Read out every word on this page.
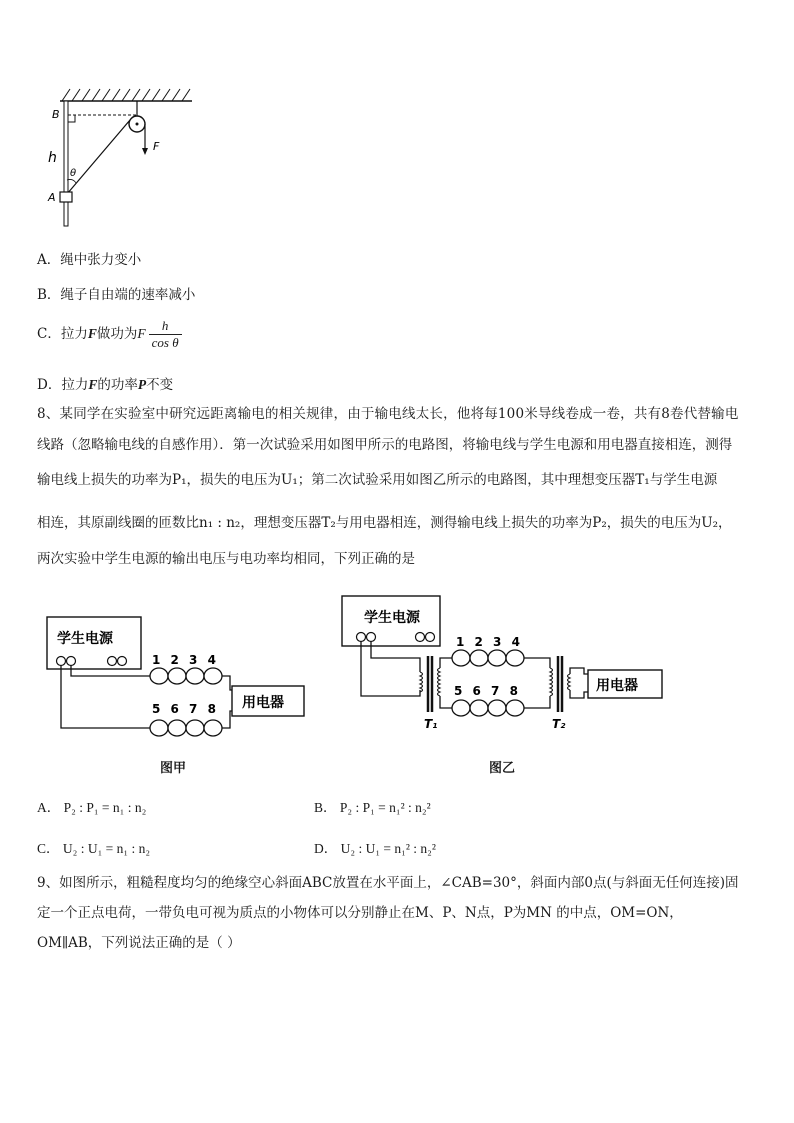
B
h
θ
A
F
A．绳中张力变小
B．绳子自由端的速率减小
C．拉力F做功为F $\frac{h}{\text{cos θ}}$
D．拉力F的功率P不变
8、某同学在实验室中研究远距离输电的相关规律，由于输电线太长，他将每100米导线卷成一卷，共有8卷代替输电
线路（忽略输电线的自感作用）．第一次试验采用如图甲所示的电路图，将输电线与学生电源和用电器直接相连，测得
输电线上损失的功率为P₁，损失的电压为U₁；第二次试验采用如图乙所示的电路图，其中理想变压器T₁与学生电源
相连，其原副线圈的匝数比n₁ : n₂，理想变压器T₂与用电器相连，测得输电线上损失的功率为P₂，损失的电压为U₂，
两次实验中学生电源的输出电压与电功率均相同，下列正确的是
学生电源
1 2 3 4
5 6 7 8 用电器
图甲
学生电源
1 2 3 4
5 6 7 8	用电器
T₁	T₂
图乙
A． P₂ : P₁ = n₁ : n₂	B． P₂ : P₁ = n₁² : n₂²
C． U₂ : U₁ = n₁ : n₂	D． U₂ : U₁ = n₁² : n₂²
9、如图所示，粗糙程度均匀的绝缘空心斜面ABC放置在水平面上，∠CAB=30°，斜面内部0点(与斜面无任何连接)固
定一个正点电荷，一带负电可视为质点的小物体可以分别静止在M、P、N点，P为MN 的中点，OM=ON，
OM∥AB，下列说法正确的是（ ）
